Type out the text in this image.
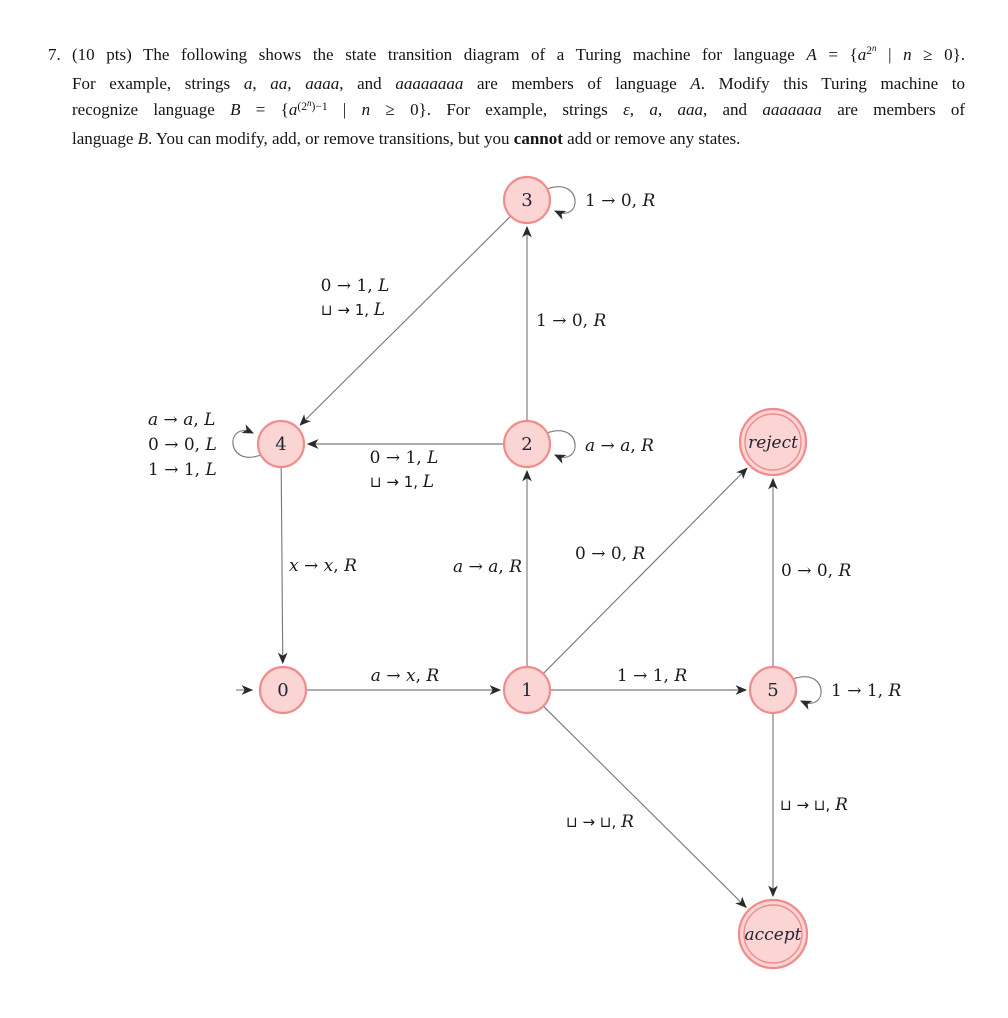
7. (10 pts) The following shows the state transition diagram of a Turing machine for language $A = \{a^{2^n}$ | n ≥ 0}.
For example, strings a, aa, aaaa, and aaaaaaaa are members of language A. Modify this Turing machine to
recognize language $B = \{a^{(2^n)-1}$ | n ≥ 0}. For example, strings ε, a, aaa, and aaaaaaa are members of
language B. You can modify, add, or remove transitions, but you cannot add or remove any states.
3
4	2	reject
0	1	5
accept
a → x, R
a → a, R
1 → 0, R
0 → 1, L
⊔ → 1, L
0 → 1, L
⊔ → 1, L
x → x, R
1 → 1, R
0 → 0, R
0 → 0, R
⊔ → ⊔, R
⊔ → ⊔, R
1 → 0, R
a → a, R
1 → 1, R
a → a, L
0 → 0, L
1 → 1, L
